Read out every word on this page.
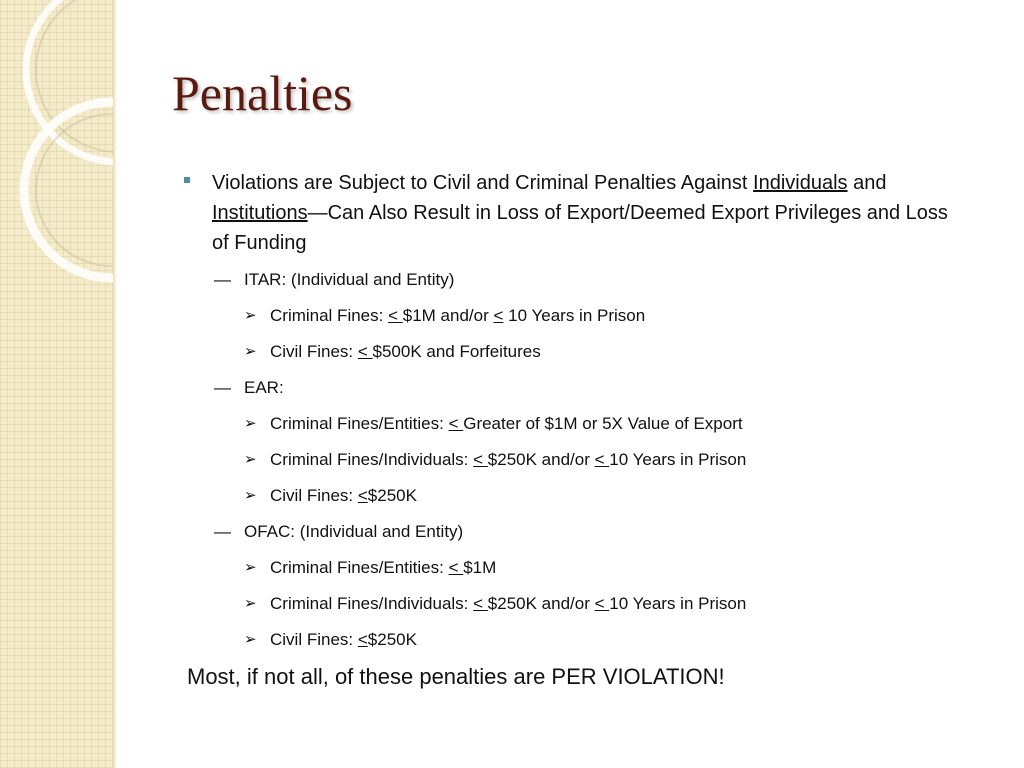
Penalties
Violations are Subject to Civil and Criminal Penalties Against Individuals and Institutions—Can Also Result in Loss of Export/Deemed Export Privileges and Loss of Funding
— ITAR: (Individual and Entity)
➢ Criminal Fines: < $1M and/or < 10 Years in Prison
➢ Civil Fines: < $500K and Forfeitures
— EAR:
➢ Criminal Fines/Entities: < Greater of $1M or 5X Value of Export
➢ Criminal Fines/Individuals: < $250K and/or < 10 Years in Prison
➢ Civil Fines: <$250K
— OFAC: (Individual and Entity)
➢ Criminal Fines/Entities: < $1M
➢ Criminal Fines/Individuals: < $250K and/or < 10 Years in Prison
➢ Civil Fines: <$250K
Most, if not all, of these penalties are PER VIOLATION!
